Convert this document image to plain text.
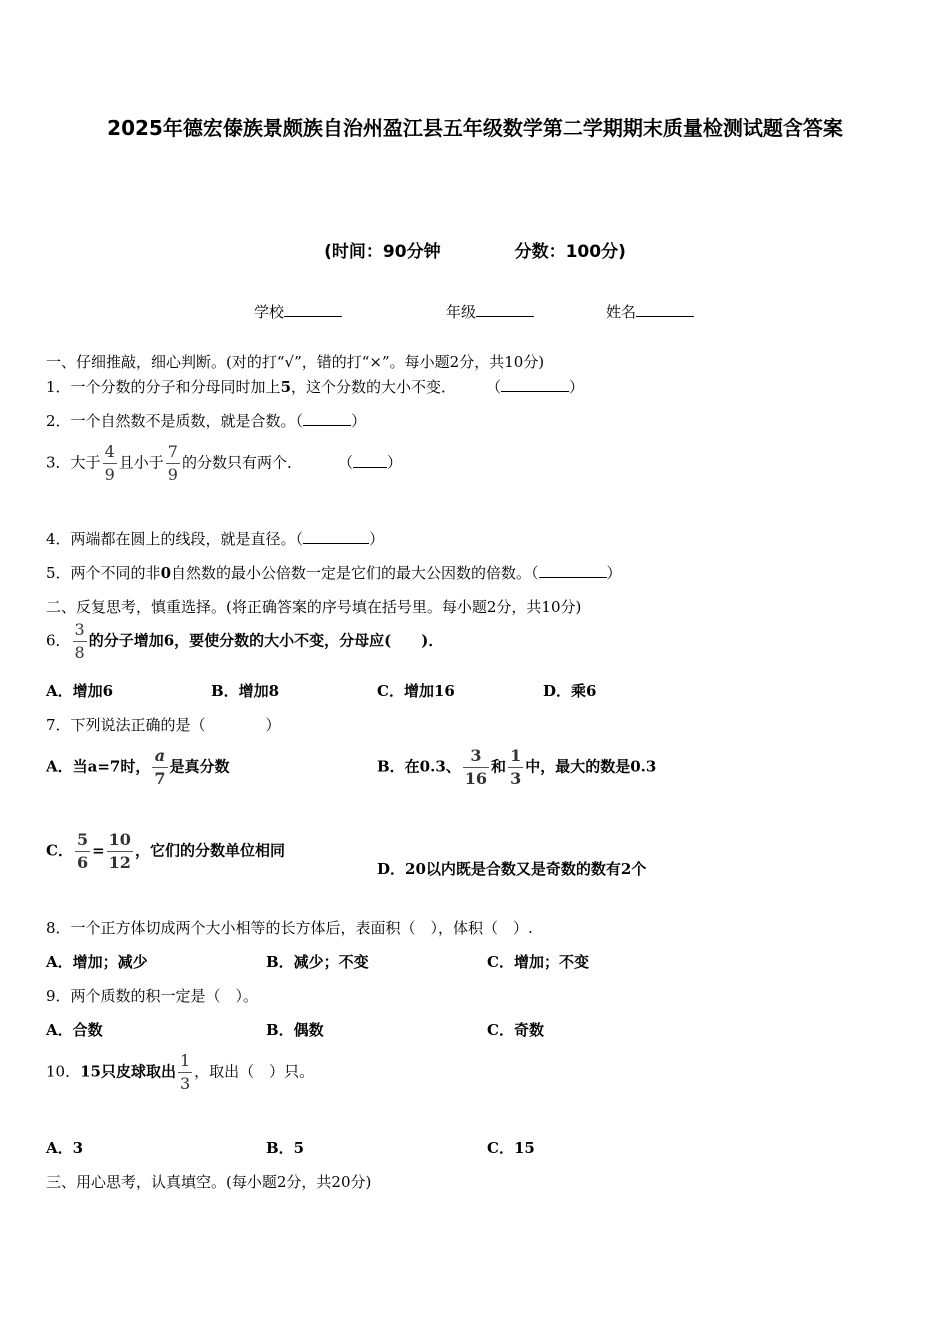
2025年德宏傣族景颇族自治州盈江县五年级数学第二学期期末质量检测试题含答案
(时间：90分钟	分数：100分)
学校	年级	姓名
一、仔细推敲，细心判断。(对的打“√”，错的打“×”。每小题2分，共10分)
1．一个分数的分子和分母同时加上5，这个分数的大小不变． （	）
2．一个自然数不是质数，就是合数。（	）
3．大于 $\frac{4}{9}$ 且小于 $\frac{7}{9}$ 的分数只有两个． （ ）
4．两端都在圆上的线段，就是直径。（	）
5．两个不同的非0自然数的最小公倍数一定是它们的最大公因数的倍数。（	）
二、反复思考，慎重选择。(将正确答案的序号填在括号里。每小题2分，共10分)
6． $\frac{3}{8}$ 的分子增加6，要使分数的大小不变，分母应(　　)．
A．增加6	B．增加8	C．增加16	D．乘6
7．下列说法正确的是（　　　　）
A．当a=7时， $\frac{a}{7}$ 是真分数	B．在0.3、 $\frac{3}{16}$ 和 $\frac{1}{3}$ 中，最大的数是0.3
C． $\frac{5}{6} = \frac{10}{12}$ ，它们的分数单位相同
D．20以内既是合数又是奇数的数有2个
8．一个正方体切成两个大小相等的长方体后，表面积（　），体积（　）.
A．增加；减少	B．减少；不变	C．增加；不变
9．两个质数的积一定是（　）。
A．合数	B．偶数	C．奇数
10．15只皮球取出 $\frac{1}{3}$ ，取出（　）只。
A．3	B．5	C．15
三、用心思考，认真填空。(每小题2分，共20分)
